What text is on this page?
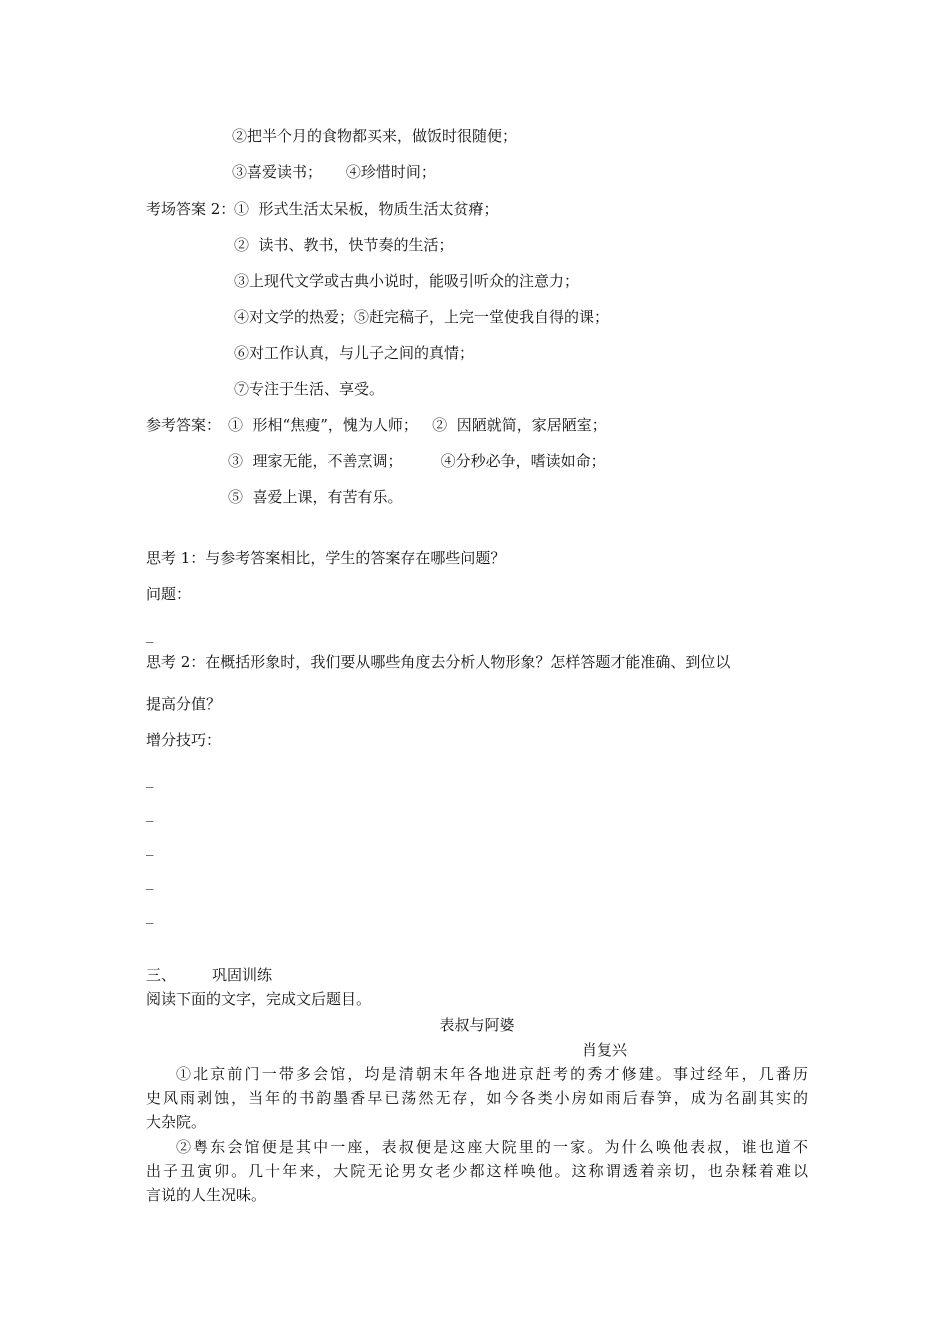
②把半个月的食物都买来，做饭时很随便；
③喜爱读书；     ④珍惜时间；
考场答案 2：
①  形式生活太呆板，物质生活太贫瘠；
②  读书、教书，快节奏的生活；
③上现代文学或古典小说时，能吸引听众的注意力；
④对文学的热爱；⑤赶完稿子，上完一堂使我自得的课；
⑥对工作认真，与儿子之间的真情；
⑦专注于生活、享受。
参考答案： ①  形相“焦瘦”，愧为人师；   ②  因陋就简，家居陋室；
③  理家无能，不善烹调；        ④分秒必争，嗜读如命；
⑤  喜爱上课，有苦有乐。
思考 1：与参考答案相比，学生的答案存在哪些问题？
问题：
_
思考 2：在概括形象时，我们要从哪些角度去分析人物形象？怎样答题才能准确、到位以
提高分值？
增分技巧：
_
_
_
_
_
三、 巩固训练
阅读下面的文字，完成文后题目。
表叔与阿婆
肖复兴
①北京前门一带多会馆，均是清朝末年各地进京赶考的秀才修建。事过经年，几番历
史风雨剥蚀，当年的书韵墨香早已荡然无存，如今各类小房如雨后春笋，成为名副其实的
大杂院。
②粤东会馆便是其中一座，表叔便是这座大院里的一家。为什么唤他表叔，谁也道不
出子丑寅卯。几十年来，大院无论男女老少都这样唤他。这称谓透着亲切，也杂糅着难以
言说的人生况味。
